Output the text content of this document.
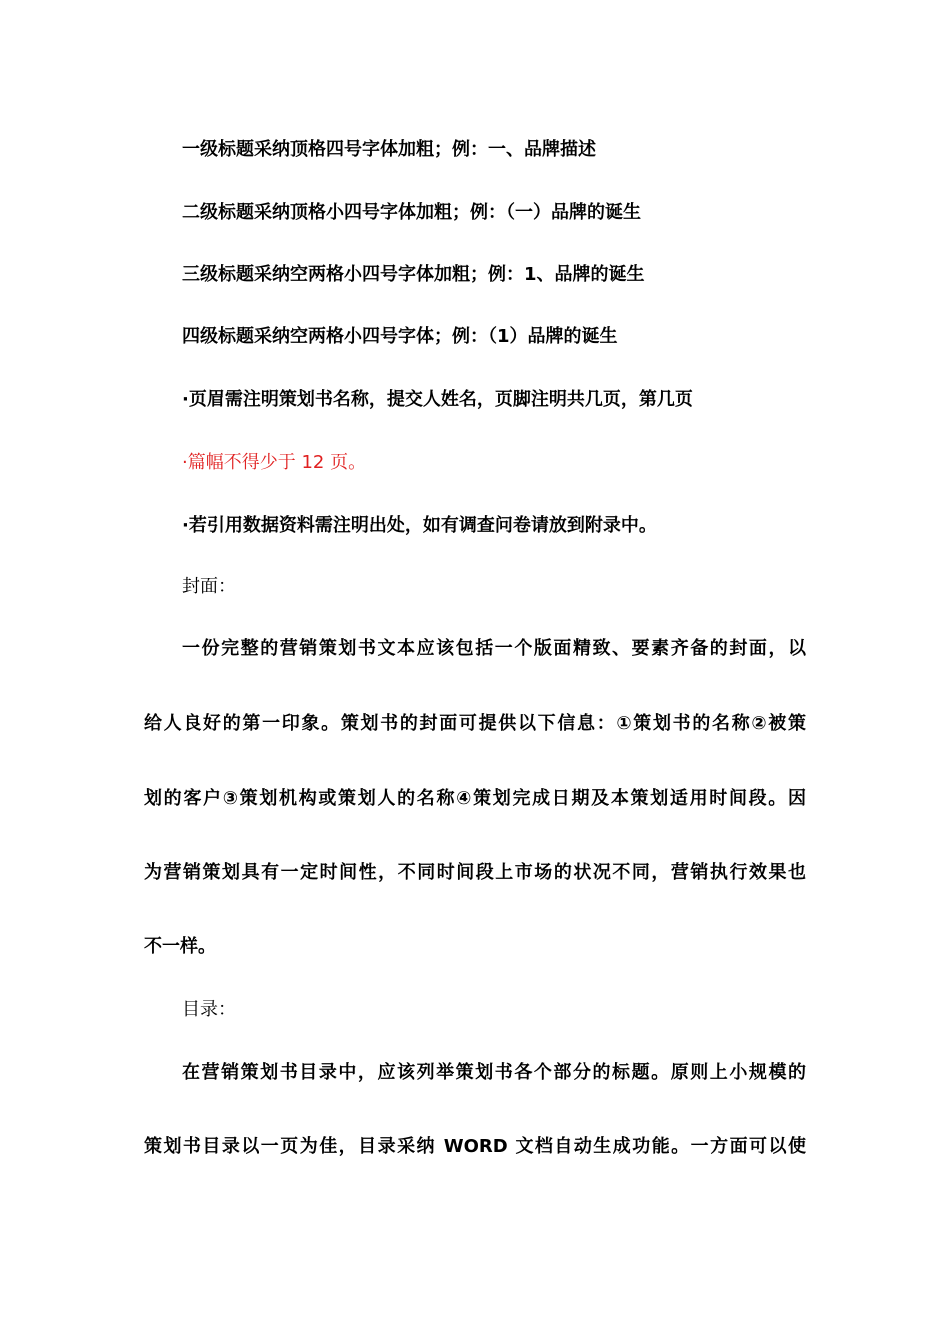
一级标题采纳顶格四号字体加粗；例：一、品牌描述
二级标题采纳顶格小四号字体加粗；例：（一）品牌的诞生
三级标题采纳空两格小四号字体加粗；例：1、品牌的诞生
四级标题采纳空两格小四号字体；例：（1）品牌的诞生
·页眉需注明策划书名称，提交人姓名，页脚注明共几页，第几页
·篇幅不得少于 12 页。
·若引用数据资料需注明出处，如有调查问卷请放到附录中。
封面：
一份完整的营销策划书文本应该包括一个版面精致、要素齐备的封面，以
给人良好的第一印象。策划书的封面可提供以下信息：①策划书的名称②被策
划的客户③策划机构或策划人的名称④策划完成日期及本策划适用时间段。因
为营销策划具有一定时间性，不同时间段上市场的状况不同，营销执行效果也
不一样。
目录：
在营销策划书目录中，应该列举策划书各个部分的标题。原则上小规模的
策划书目录以一页为佳，目录采纳 WORD 文档自动生成功能。一方面可以使
